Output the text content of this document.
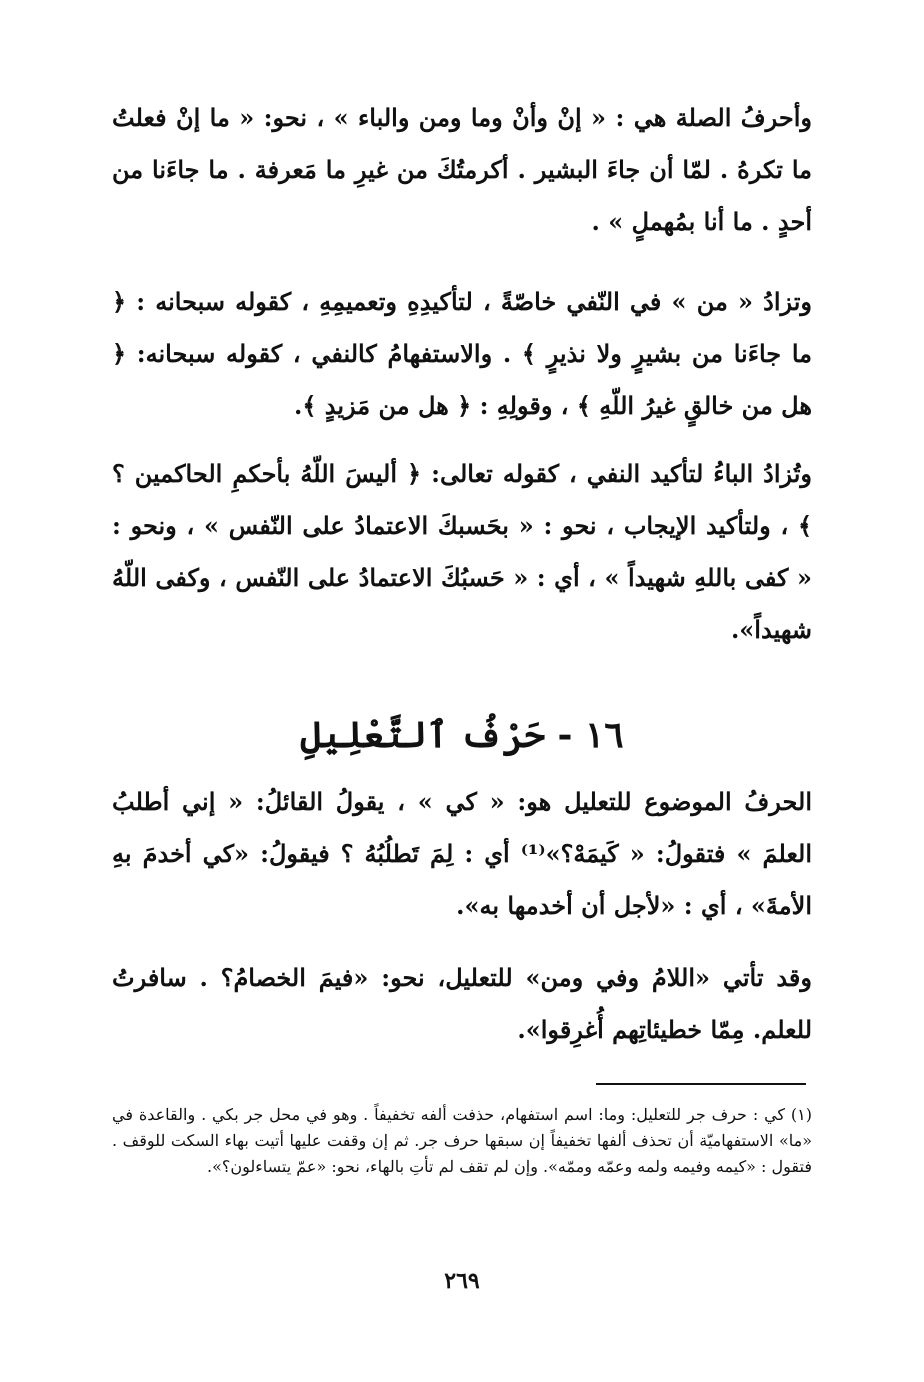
وأحرفُ الصلة هي : « إنْ وأنْ وما ومن والباء » ، نحو: « ما إنْ فعلتُ ما تكرهُ . لمّا أن جاءَ البشير . أكرمتُكَ من غيرِ ما مَعرفة . ما جاءَنا من أحدٍ . ما أنا بمُهملٍ » .

وتزادُ « من » في النّفي خاصّةً ، لتأكيدِهِ وتعميمِهِ ، كقوله سبحانه : ﴿ ما جاءَنا من بشيرٍ ولا نذيرٍ ﴾ . والاستفهامُ كالنفي ، كقوله سبحانه: ﴿ هل من خالقٍ غيرُ اللّهِ ﴾ ، وقولِهِ : ﴿ هل من مَزيدٍ ﴾.

وتُزادُ الباءُ لتأكيد النفي ، كقوله تعالى: ﴿ أليسَ اللّهُ بأحكمِ الحاكمين ؟ ﴾ ، ولتأكيد الإيجاب ، نحو : « بحَسبكَ الاعتمادُ على النّفس » ، ونحو : « كفى باللهِ شهيداً » ، أي : « حَسبُكَ الاعتمادُ على النّفس ، وكفى اللّهُ شهيداً».

١٦ - حَرْفُ ٱلتَّعْلِيلِ

الحرفُ الموضوع للتعليل هو: « كي » ، يقولُ القائلُ: « إني أطلبُ العلمَ » فتقولُ: « كَيمَهْ؟»⁽¹⁾ أي : لِمَ تَطلُبُهُ ؟ فيقولُ: «كي أخدمَ بهِ الأمةَ» ، أي : «لأجل أن أخدمها به».

وقد تأتي «اللامُ وفي ومن» للتعليل، نحو: «فيمَ الخصامُ؟ . سافرتُ للعلم. مِمّا خطيئاتِهم أُغرِقوا».

(١) كي : حرف جر للتعليل: وما: اسم استفهام، حذفت ألفه تخفيفاً . وهو في محل جر بكي . والقاعدة في «ما» الاستفهاميّة أن تحذف ألفها تخفيفاً إن سبقها حرف جر. ثم إن وقفت عليها أتيت بهاء السكت للوقف . فتقول : «كيمه وفيمه ولمه وعمّه وممّه». وإن لم تقف لم تأتِ بالهاء، نحو: «عمّ يتساءلون؟».

٢٦٩
